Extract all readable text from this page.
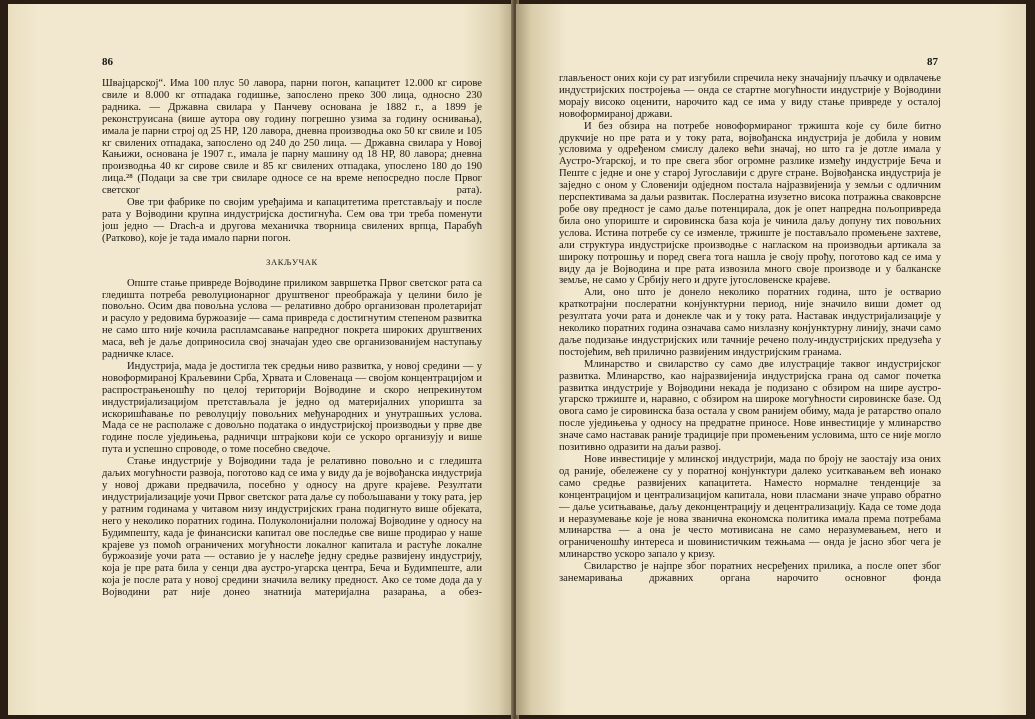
86

Швајцарској“. Има 100 плус 50 лавора, парни погон, капацитет 12.000 кг сирове свиле и 8.000 кг отпадака годишње, запослено преко 300 лица, односно 230 радника. — Државна свилара у Панчеву основана је 1882 г., а 1899 је реконструисана (више аутора ову годину погрешно узима за годину оснивања), имала је парни строј од 25 НР, 120 лавора, дневна производња око 50 кг свиле и 105 кг свилених отпадака, запослено од 240 до 250 лица. — Државна свилара у Новој Кањижи, основана је 1907 г., имала је парну машину од 18 НР, 80 лавора; дневна производња 40 кг сирове свиле и 85 кг свилених отпадака, упослено 180 до 190 лица.²⁸ (Подаци за све три свиларе односе се на време непосредно после Првог светског рата).

Ове три фабрике по својим уређајима и капацитетима претстављају и после рата у Војводини крупна индустријска достигнућа. Сем ова три треба поменути још једно — Drach-a и другова механичка творница свилених врпца, Парабућ (Ратково), које је тада имало парни погон.

ЗАКЉУЧАК

Опште стање привреде Војводине приликом завршетка Првог светског рата са гледишта потреба револуционарног друштвеног преображаја у целини било је повољно. Осим два повољна услова — релативно добро организован пролетаријат и расуло у редовима буржоазије — сама привреда с достигнутим степеном развитка не само што није кочила распламсавање напредног покрета широких друштвених маса, већ је даље доприносила свој значајан удео све организованијем наступању радничке класе.

Индустрија, мада је достигла тек средњи ниво развитка, у новој средини — у новоформираној Краљевини Срба, Хрвата и Словенаца — својом концентрацијом и распрострањеношћу по целој територији Војводине и скоро непрекинутом индустријализацијом претстављала је једно од материјалних упоришта за искоришћавање по револуцију повољних међународних и унутрашњих услова. Мада се не располаже с довољно података о индустријској производњи у прве две године после уједињења, радничци штрајкови који се ускоро организују и више пута и успешно спроводе, о томе посебно сведоче.

Стање индустрије у Војводини тада је релативно повољно и с гледишта даљих могућности развоја, поготово кад се има у виду да је војвођанска индустрија у новој држави предвачила, посебно у односу на друге крајеве. Резултати индустријализације уочи Првог светског рата даље су побољшавани у току рата, јер у ратним годинама у читавом низу индустријских грана подигнуто више објеката, него у неколико поратних година. Полуколонијални положај Војводине у односу на Будимпешту, када је финансиски капитал ове последње све више продирао у наше крајеве уз помоћ ограничених могућности локалног капитала и растуће локалне буржоазије уочи рата — оставио је у наслеђе једну средње развијену индустрију, која је пре рата била у сенци два аустро-угарска центра, Беча и Будимпеште, али која је после рата у новој средини значила велику предност. Ако се томе дода да у Војводини рат није донео знатнија материјална разарања, а обез-

87

глављеност оних који су рат изгубили спречила неку значајнију пљачку и одвлачење индустријских постројења — онда се стартне могућности индустрије у Војводини морају високо оценити, нарочито кад се има у виду стање привреде у осталој новоформираној држави.

И без обзира на потребе новоформираног тржишта које су биле битно друкчије но пре рата и у току рата, војвођанска индустрија је добила у новим условима у одређеном смислу далеко већи значај, но што га је дотле имала у Аустро-Угарској, и то пре свега због огромне разлике између индустрије Беча и Пеште с једне и оне у старој Југославији с друге стране. Војвођанска индустрија је заједно с оном у Словенији одједном постала најразвијенија у земљи с одличним перспективама за даљи развитак. Послератна изузетно висока потражња сваковрсне робе ову предност је само даље потенцирала, док је опет напредна пољопривреда била оно упориште и сировинска база која је чинила даљу допуну тих повољних услова. Истина потребе су се изменле, тржиште је постављало промењене захтеве, али структура индустријске производње с нагласком на производњи артикала за широку потрошњу и поред свега тога нашла је своју прођу, поготово кад се има у виду да је Војводина и пре рата извозила много своје производе и у балканске земље, не само у Србију него и друге југословенске крајеве.

Али, оно што је донело неколико поратних година, што је остварио краткотрајни послератни конјунктурни период, није значило виши домет од резултата уочи рата и донекле чак и у току рата. Наставак индустријализације у неколико поратних година означава само низлазну конјунктурну линију, значи само даље подизање индустријских или тачније речено полу-индустријских предузећа у постојећим, већ прилично развијеним индустријским гранама.

Млинарство и свиларство су само две илустрације таквог индустријског развитка. Млинарство, као најразвијенија индустријска грана од самог почетка развитка индустрије у Војводини некада је подизано с обзиром на шире аустро-угарско тржиште и, наравно, с обзиром на широке могућности сировинске базе. Од овога само је сировинска база остала у свом ранијем обиму, мада је ратарство опало после уједињења у односу на предратне приносе. Нове инвестиције у млинарство значе само наставак раније традиције при промењеним условима, што се није могло позитивно одразити на даљи развој.

Нове инвестиције у млинској индустрији, мада по броју не заостају иза оних од раније, обележене су у поратној конјунктури далеко уситкавањем већ ионако само средње развијених капацитета. Наместо нормалне тенденције за концентрацијом и централизацијом капитала, нови пласмани значе управо обратно — даље уситњавање, даљу деконцентрацију и децентрализацију. Када се томе дода и неразумевање које је нова званична економска политика имала према потребама млинарства — а она је често мотивисана не само неразумевањем, него и ограниченошћу интереса и шовинистичким тежњама — онда је јасно због чега је млинарство ускоро запало у кризу.

Свиларство је најпре због поратних несређених прилика, а после опет због занемаривања државних органа нарочито основног фонда
